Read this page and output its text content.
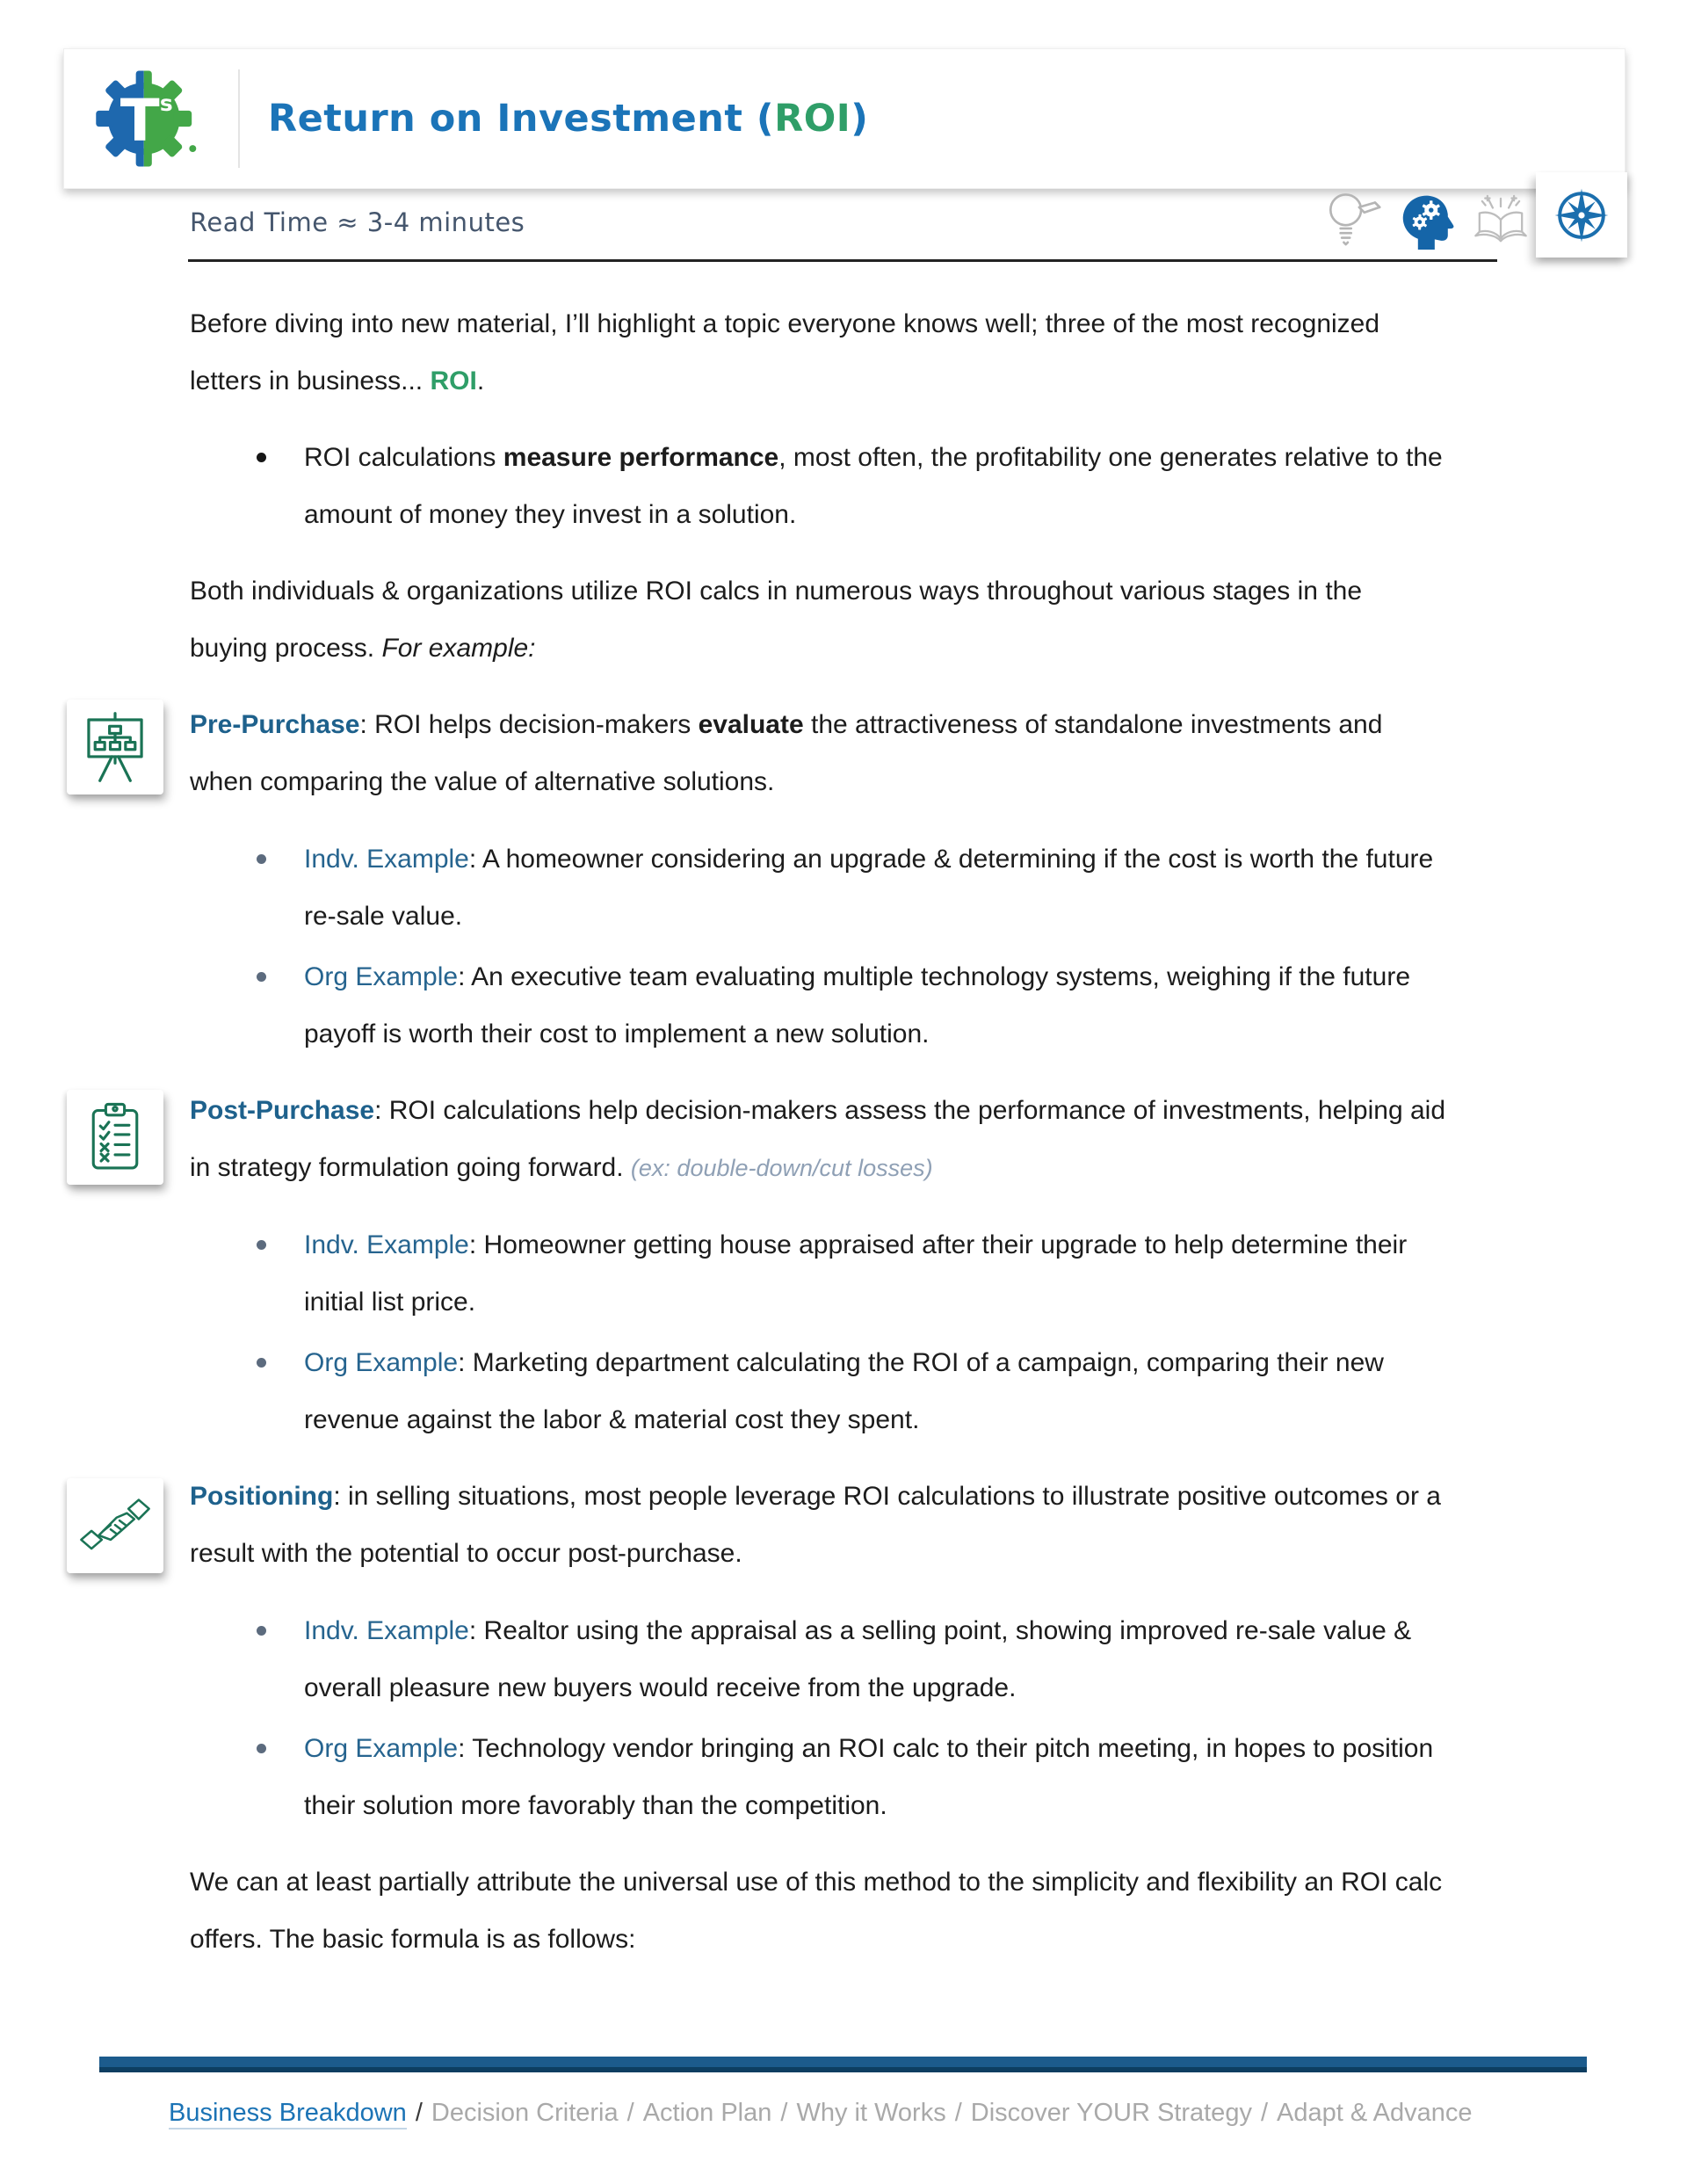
T s	Return on Investment (ROI)
Read Time ≈ 3-4 minutes

Before diving into new material, I’ll highlight a topic everyone knows well; three of the most recognized letters in business... ROI.

ROI calculations measure performance, most often, the profitability one generates relative to the amount of money they invest in a solution.

Both individuals & organizations utilize ROI calcs in numerous ways throughout various stages in the buying process. For example:

Pre-Purchase: ROI helps decision-makers evaluate the attractiveness of standalone investments and when comparing the value of alternative solutions.

Indv. Example: A homeowner considering an upgrade & determining if the cost is worth the future re-sale value.
Org Example: An executive team evaluating multiple technology systems, weighing if the future payoff is worth their cost to implement a new solution.

Post-Purchase: ROI calculations help decision-makers assess the performance of investments, helping aid in strategy formulation going forward. (ex: double-down/cut losses)

Indv. Example: Homeowner getting house appraised after their upgrade to help determine their initial list price.
Org Example: Marketing department calculating the ROI of a campaign, comparing their new revenue against the labor & material cost they spent.

Positioning: in selling situations, most people leverage ROI calculations to illustrate positive outcomes or a result with the potential to occur post-purchase.

Indv. Example: Realtor using the appraisal as a selling point, showing improved re-sale value & overall pleasure new buyers would receive from the upgrade.
Org Example: Technology vendor bringing an ROI calc to their pitch meeting, in hopes to position their solution more favorably than the competition.

We can at least partially attribute the universal use of this method to the simplicity and flexibility an ROI calc offers. The basic formula is as follows:

Business Breakdown / Decision Criteria / Action Plan / Why it Works / Discover YOUR Strategy / Adapt & Advance
